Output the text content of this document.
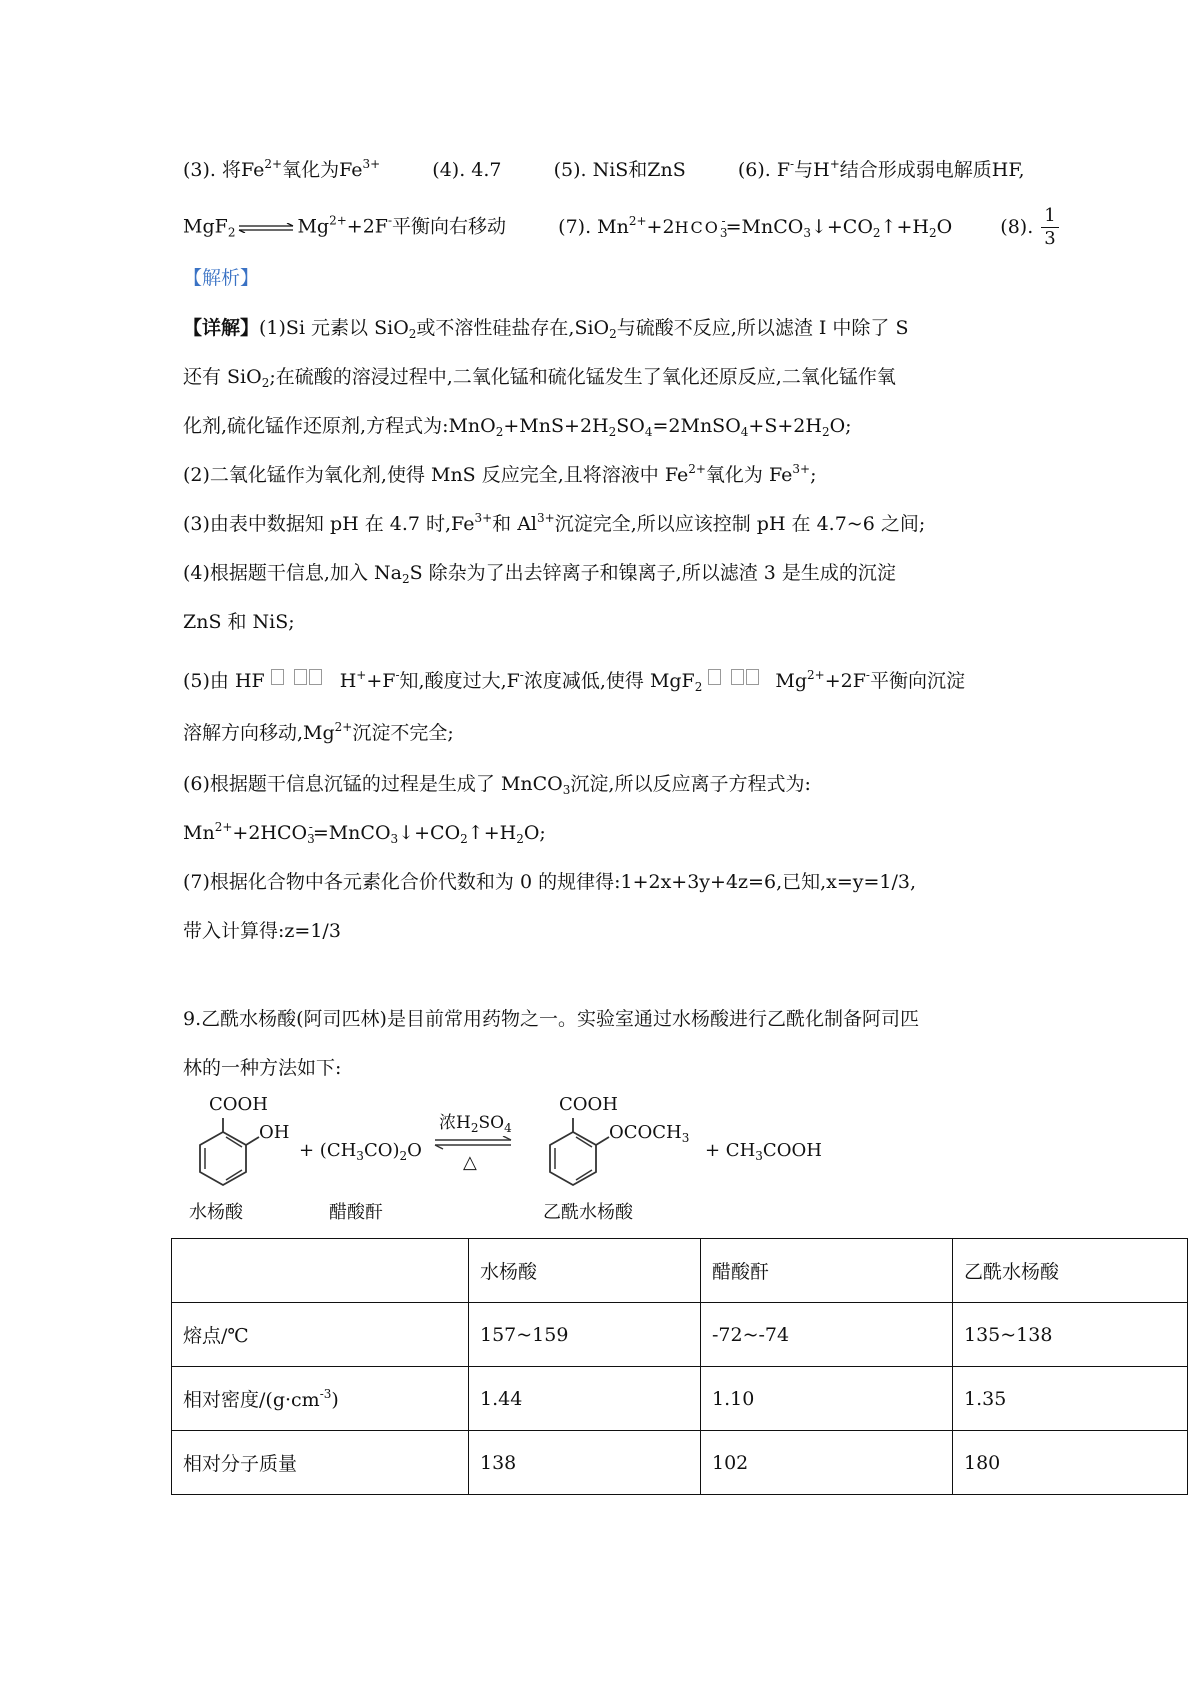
(3). 将$Fe^{2+}$氧化为$Fe^{3+}$	(4). 4.7	(5). NiS和ZnS	(6). F-与H+结合形成弱电解质HF,
MgF$_2$ ⇌ $Mg^{2+}+2F^-$平衡向右移动	(7). $Mn^{2+}+2HCO_3^-=MnCO_3↓+CO_2↑+H_2O$	(8). $\frac{1}{3}$
【解析】
【详解】(1)Si 元素以 SiO$_2$或不溶性硅盐存在,SiO$_2$与硫酸不反应,所以滤渣 I 中除了 S
还有 SiO$_2$;在硫酸的溶浸过程中,二氧化锰和硫化锰发生了氧化还原反应,二氧化锰作氧
化剂,硫化锰作还原剂,方程式为$:MnO_2+MnS+2H_2SO_4=2MnSO_4+S+2H_2O$;
(2)二氧化锰作为氧化剂,使得 MnS 反应完全,且将溶液中 $Fe^{2+}$氧化为 $Fe^{3+}$;
(3)由表中数据知 pH 在 4.7 时$,Fe^{3+}$和 $Al^{3+}$沉淀完全,所以应该控制 pH 在 4.7~6 之间;
(4)根据题干信息,加入 $Na_2S$ 除杂为了出去锌离子和镍离子,所以滤渣 3 是生成的沉淀
ZnS 和 NiS;
(5)由 HF	H++F-知,酸度过大,F-浓度减低,使得 MgF$_2$	$Mg^{2+}+2F^-$平衡向沉淀
溶解方向移动$,Mg^{2+}$沉淀不完全;
(6)根据题干信息沉锰的过程是生成了 MnCO$_3$沉淀,所以反应离子方程式为:
$Mn^{2+}+2HCO_3^-=MnCO_3↓+CO_2↑+H_2O$;
(7)根据化合物中各元素化合价代数和为 0 的规律得:1+2x+3y+4z=6,已知,x=y=1/3,
带入计算得:z=1/3
9.乙酰水杨酸(阿司匹林)是目前常用药物之一。实验室通过水杨酸进行乙酰化制备阿司匹
林的一种方法如下:
COOH
OH
+ $(CH_3CO)_2O$
浓$H_2SO_4$
△
COOH
$OCOCH_3$
+ $CH_3COOH$
水杨酸	醋酸酐	乙酰水杨酸
	水杨酸	醋酸酐	乙酰水杨酸
熔点/℃	157~159	-72~-74	135~138
相对密度$/(g\cdot cm^{-3})$	1.44	1.10	1.35
相对分子质量	138	102	180
